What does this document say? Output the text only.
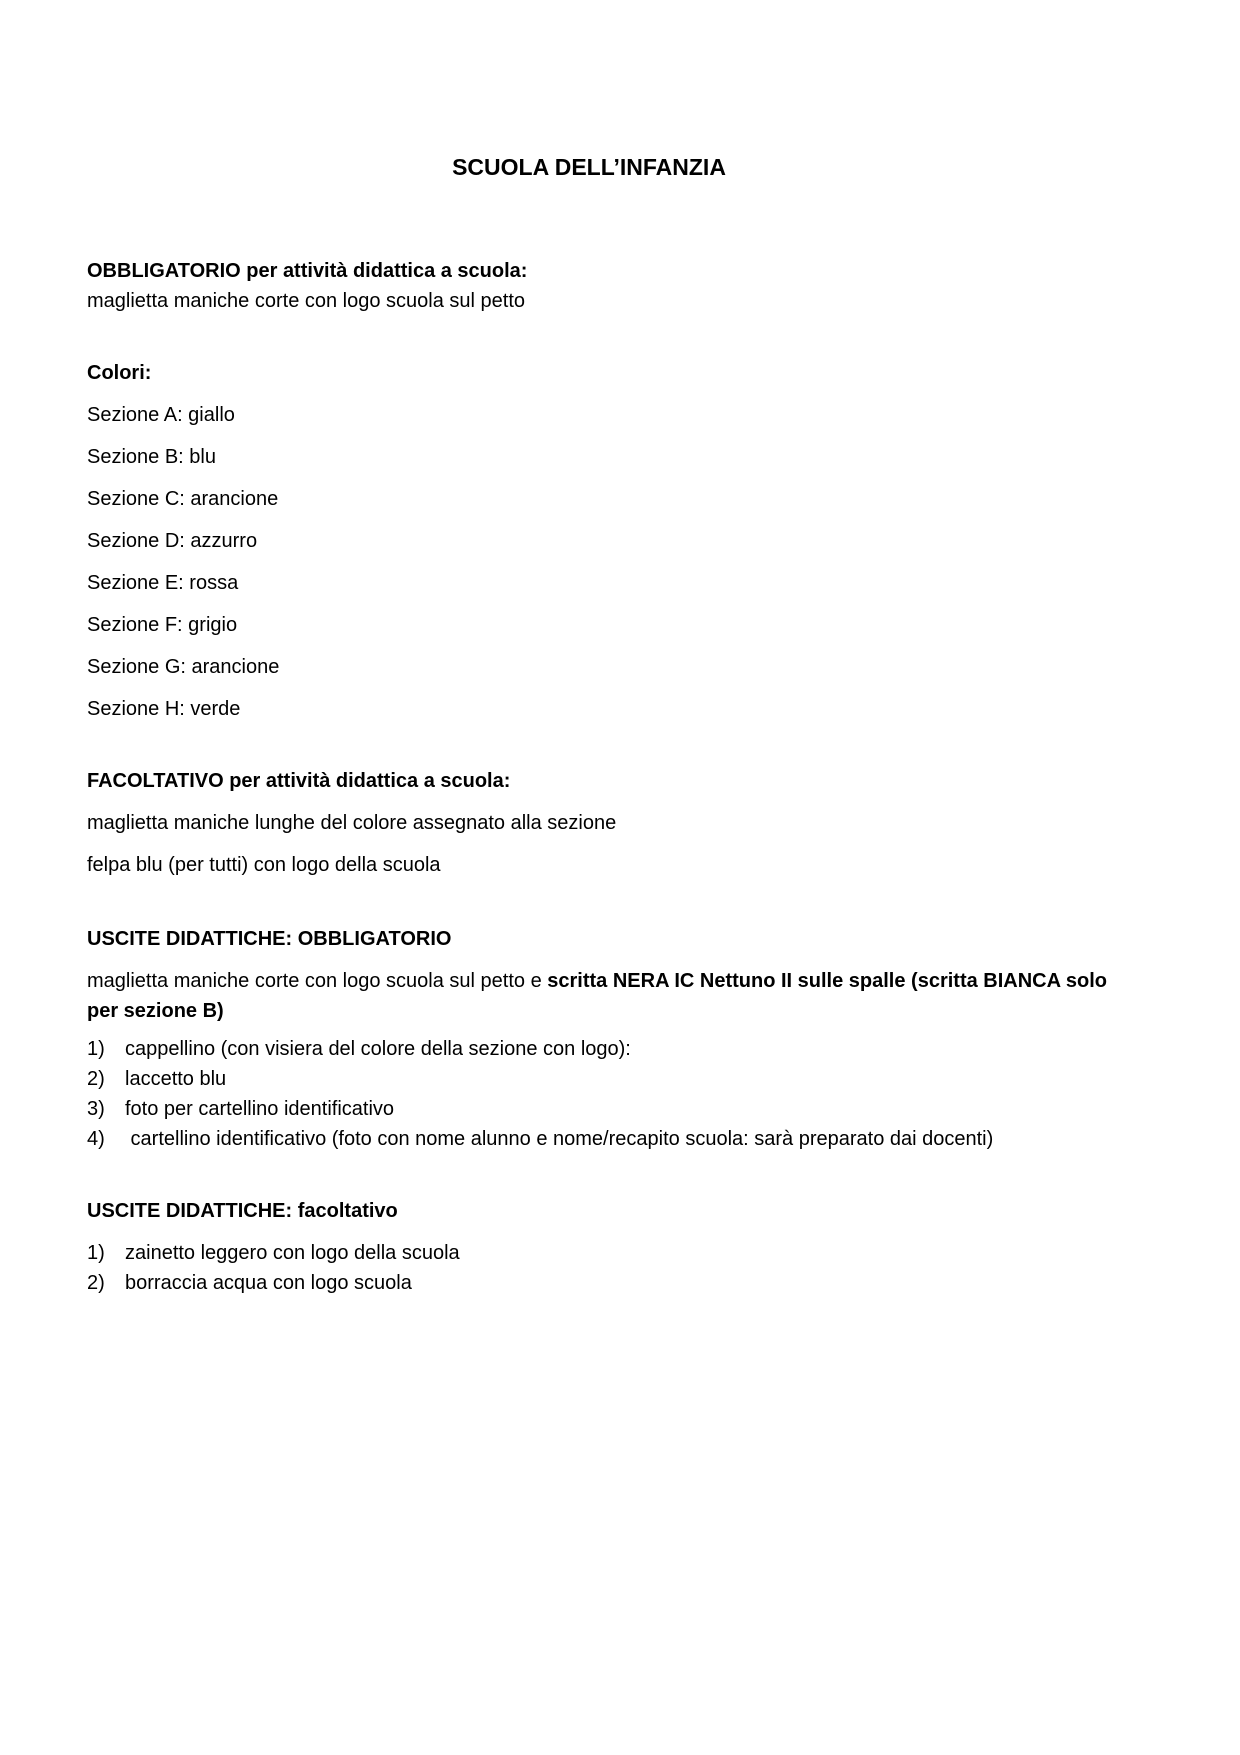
SCUOLA DELL’INFANZIA

OBBLIGATORIO per attività didattica a scuola:

maglietta maniche corte con logo scuola sul petto

Colori:

Sezione A: giallo

Sezione B: blu

Sezione C: arancione

Sezione D: azzurro

Sezione E: rossa

Sezione F: grigio

Sezione G: arancione

Sezione H: verde

FACOLTATIVO per attività didattica a scuola:

maglietta maniche lunghe del colore assegnato alla sezione

felpa blu (per tutti) con logo della scuola

USCITE DIDATTICHE: OBBLIGATORIO

maglietta maniche corte con logo scuola sul petto e scritta NERA IC Nettuno II sulle spalle (scritta BIANCA solo per sezione B)

1)	cappellino (con visiera del colore della sezione con logo):
2)	laccetto blu
3)	foto per cartellino identificativo
4)	cartellino identificativo (foto con nome alunno e nome/recapito scuola: sarà preparato dai docenti)

USCITE DIDATTICHE: facoltativo

1)	zainetto leggero con logo della scuola
2)	borraccia acqua con logo scuola
